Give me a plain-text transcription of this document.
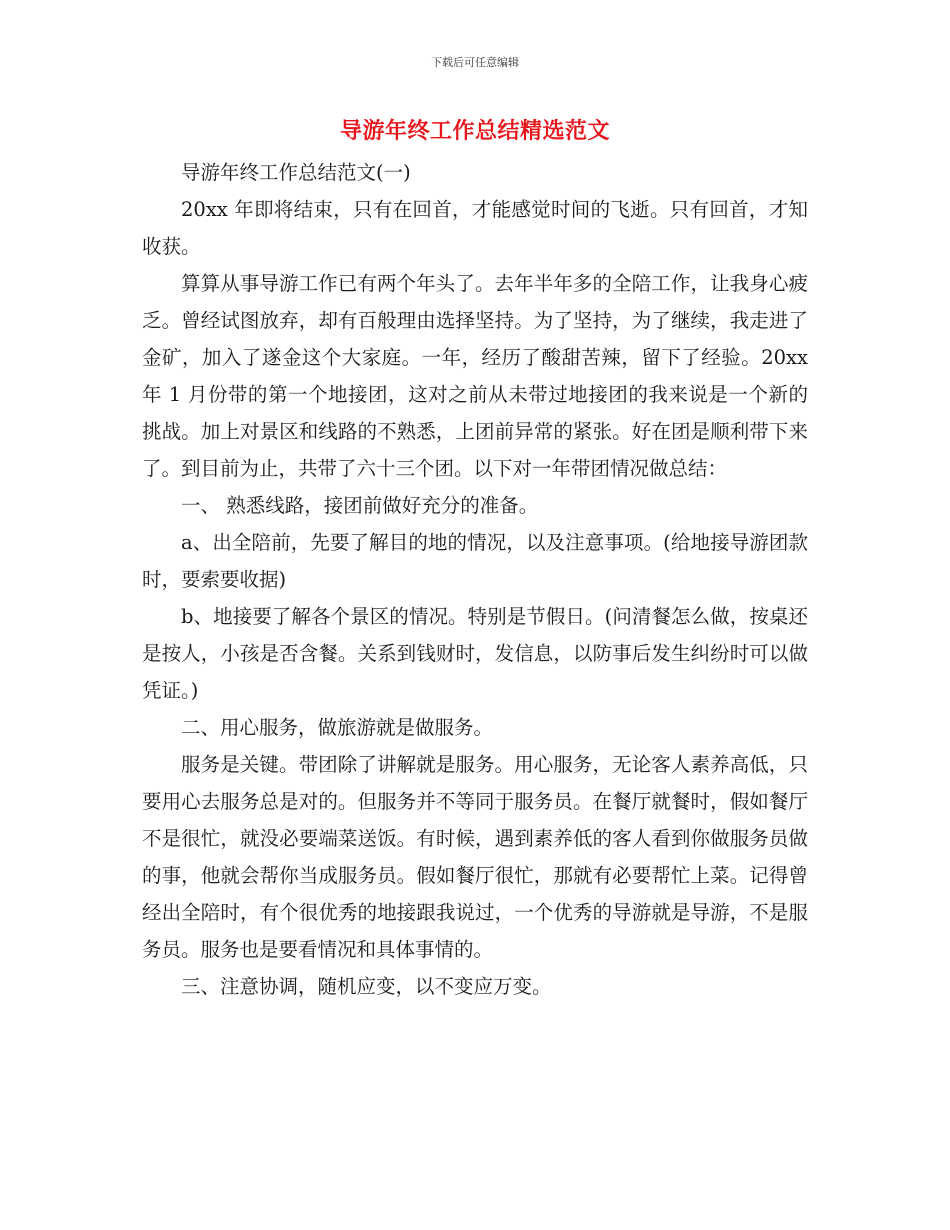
下载后可任意编辑
导游年终工作总结精选范文

导游年终工作总结范文(一)

20xx 年即将结束，只有在回首，才能感觉时间的飞逝。只有回首，才知收获。

算算从事导游工作已有两个年头了。去年半年多的全陪工作，让我身心疲乏。曾经试图放弃，却有百般理由选择坚持。为了坚持，为了继续，我走进了金矿，加入了遂金这个大家庭。一年，经历了酸甜苦辣，留下了经验。20xx 年 1 月份带的第一个地接团，这对之前从未带过地接团的我来说是一个新的挑战。加上对景区和线路的不熟悉，上团前异常的紧张。好在团是顺利带下来了。到目前为止，共带了六十三个团。以下对一年带团情况做总结：

一、 熟悉线路，接团前做好充分的准备。

a、出全陪前，先要了解目的地的情况，以及注意事项。(给地接导游团款时，要索要收据)

b、地接要了解各个景区的情况。特别是节假日。(问清餐怎么做，按桌还是按人，小孩是否含餐。关系到钱财时，发信息，以防事后发生纠纷时可以做凭证。)

二、用心服务，做旅游就是做服务。

服务是关键。带团除了讲解就是服务。用心服务，无论客人素养高低，只要用心去服务总是对的。但服务并不等同于服务员。在餐厅就餐时，假如餐厅不是很忙，就没必要端菜送饭。有时候，遇到素养低的客人看到你做服务员做的事，他就会帮你当成服务员。假如餐厅很忙，那就有必要帮忙上菜。记得曾经出全陪时，有个很优秀的地接跟我说过，一个优秀的导游就是导游，不是服务员。服务也是要看情况和具体事情的。

三、注意协调，随机应变，以不变应万变。
